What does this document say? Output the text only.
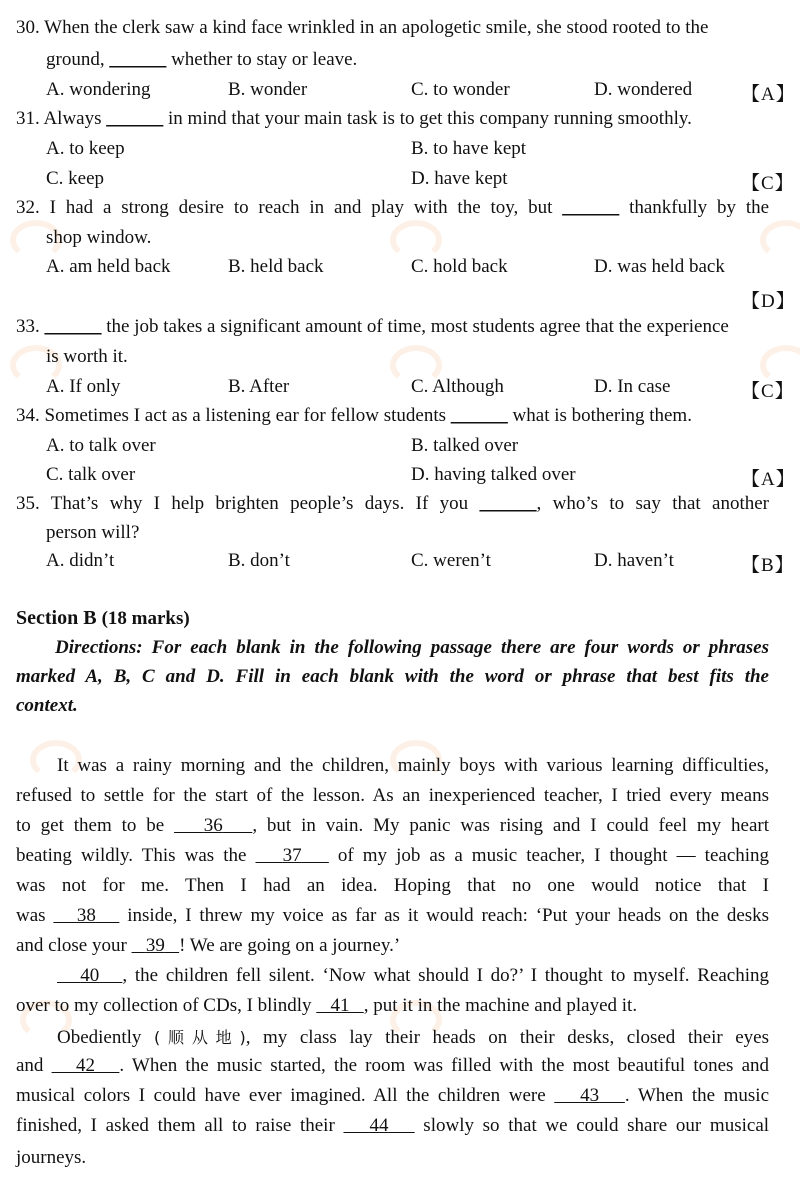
30. When the clerk saw a kind face wrinkled in an apologetic smile, she stood rooted to the
ground, ______ whether to stay or leave.
A. wondering	B. wonder	C. to wonder	D. wondered	【A】
31. Always ______ in mind that your main task is to get this company running smoothly.
A. to keep	B. to have kept
C. keep	D. have kept	【C】
32. I had a strong desire to reach in and play with the toy, but ______ thankfully by the
shop window.
A. am held back	B. held back	C. hold back	D. was held back
【D】
33. ______ the job takes a significant amount of time, most students agree that the experience
is worth it.
A. If only	B. After	C. Although	D. In case	【C】
34. Sometimes I act as a listening ear for fellow students ______ what is bothering them.
A. to talk over	B. talked over
C. talk over	D. having talked over	【A】
35. That’s why I help brighten people’s days. If you ______, who’s to say that another
person will?
A. didn’t	B. don’t	C. weren’t	D. haven’t	【B】
Section B (18 marks)
Directions: For each blank in the following passage there are four words or phrases
marked A, B, C and D. Fill in each blank with the word or phrase that best fits the
context.
It was a rainy morning and the children, mainly boys with various learning difficulties,
refused to settle for the start of the lesson. As an inexperienced teacher, I tried every means
to get them to be 36 , but in vain. My panic was rising and I could feel my heart
beating wildly. This was the 37 of my job as a music teacher, I thought — teaching
was not for me. Then I had an idea. Hoping that no one would notice that I
was 38 inside, I threw my voice as far as it would reach: ‘Put your heads on the desks
and close your 39 ! We are going on a journey.’
40 , the children fell silent. ‘Now what should I do?’ I thought to myself. Reaching
over to my collection of CDs, I blindly 41 , put it in the machine and played it.
Obediently (顺从地), my class lay their heads on their desks, closed their eyes
and 42 . When the music started, the room was filled with the most beautiful tones and
musical colors I could have ever imagined. All the children were 43 . When the music
finished, I asked them all to raise their 44 slowly so that we could share our musical
journeys.
